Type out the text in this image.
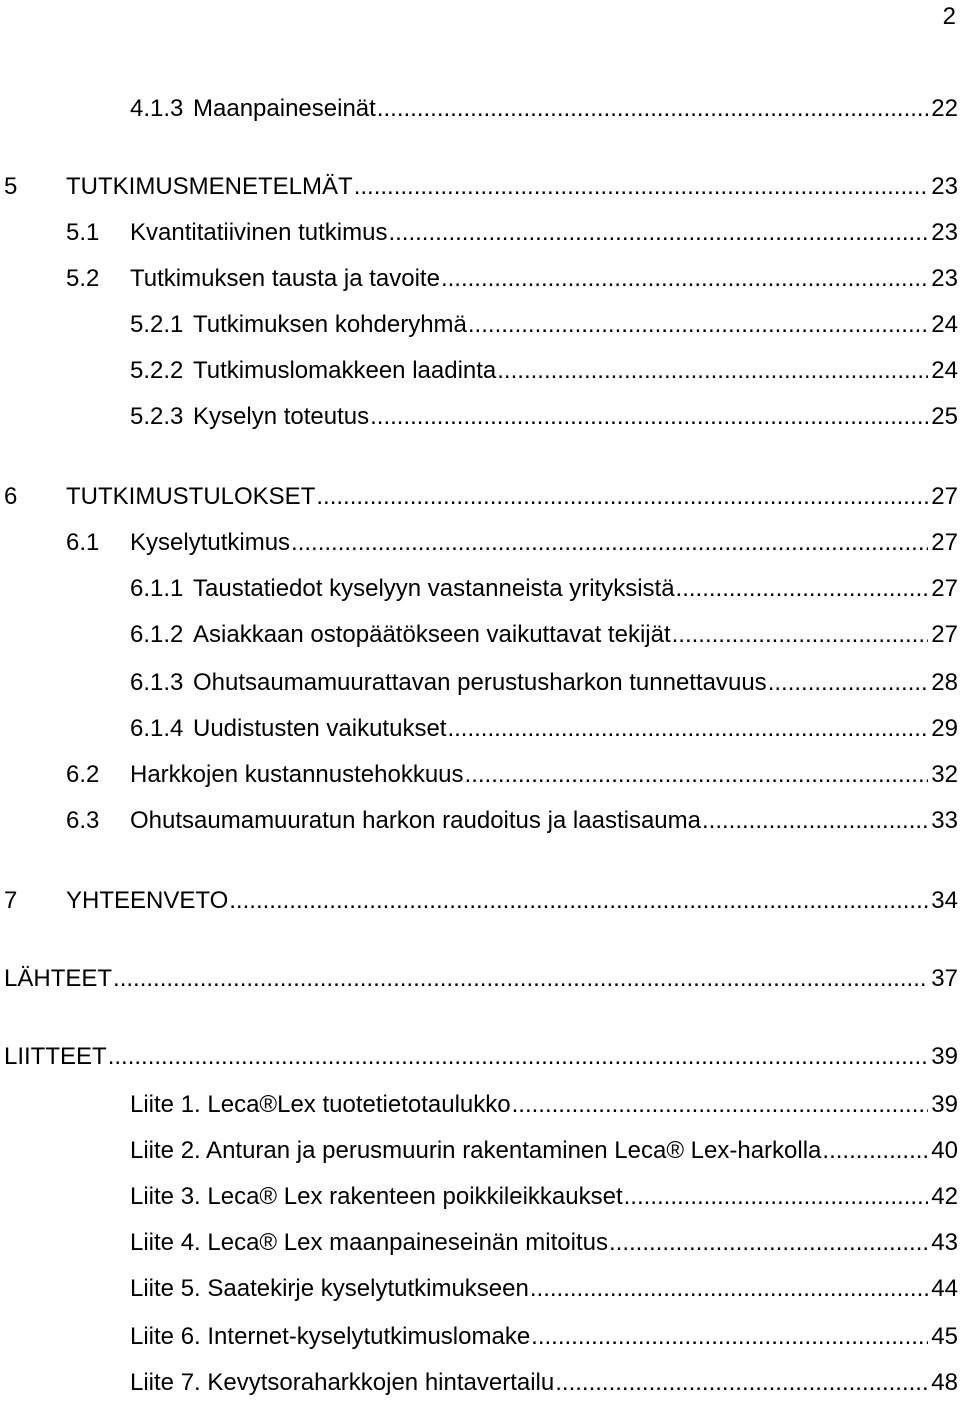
2
4.1.3 Maanpaineseinät .....	22
5 TUTKIMUSMENETELMÄT .....	23
5.1 Kvantitatiivinen tutkimus .....	23
5.2 Tutkimuksen tausta ja tavoite .....	23
5.2.1 Tutkimuksen kohderyhmä .....	24
5.2.2 Tutkimuslomakkeen laadinta .....	24
5.2.3 Kyselyn toteutus .....	25
6 TUTKIMUSTULOKSET .....	27
6.1 Kyselytutkimus .....	27
6.1.1 Taustatiedot kyselyyn vastanneista yrityksistä .....	27
6.1.2 Asiakkaan ostopäätökseen vaikuttavat tekijät .....	27
6.1.3 Ohutsaumamuurattavan perustusharkon tunnettavuus .....	28
6.1.4 Uudistusten vaikutukset .....	29
6.2 Harkkojen kustannustehokkuus .....	32
6.3 Ohutsaumamuuratun harkon raudoitus ja laastisauma .....	33
7 YHTEENVETO .....	34
LÄHTEET .....	37
LIITTEET .....	39
Liite 1. Leca®Lex tuotetietotaulukko .....	39
Liite 2. Anturan ja perusmuurin rakentaminen Leca® Lex-harkolla .....	40
Liite 3. Leca® Lex rakenteen poikkileikkaukset .....	42
Liite 4. Leca® Lex maanpaineseinän mitoitus .....	43
Liite 5. Saatekirje kyselytutkimukseen .....	44
Liite 6. Internet-kyselytutkimuslomake .....	45
Liite 7. Kevytsoraharkkojen hintavertailu .....	48
